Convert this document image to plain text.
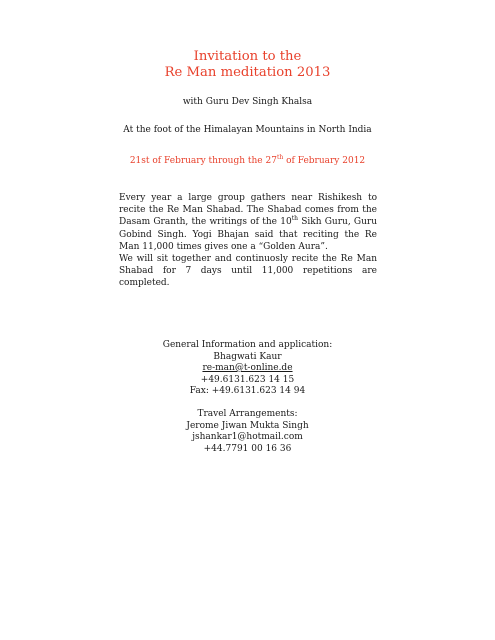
Invitation to the
Re Man meditation 2013
with Guru Dev Singh Khalsa
At the foot of the Himalayan Mountains in North India
21st of February through the 27th of February 2012

Every year a large group gathers near Rishikesh to recite the Re Man Shabad. The Shabad comes from the Dasam Granth, the writings of the 10th Sikh Guru, Guru Gobind Singh. Yogi Bhajan said that reciting the Re Man 11,000 times gives one a “Golden Aura”.

We will sit together and continuosly recite the Re Man Shabad for 7 days until 11,000 repetitions are completed.

General Information and application:
Bhagwati Kaur
re-man@t-online.de
+49.6131.623 14 15
Fax: +49.6131.623 14 94
Travel Arrangements:
Jerome Jiwan Mukta Singh
jshankar1@hotmail.com
+44.7791 00 16 36
